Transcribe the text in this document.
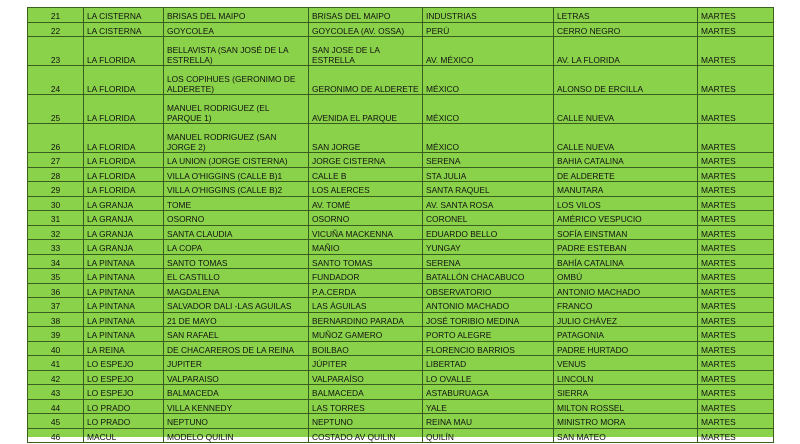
21	LA CISTERNA	BRISAS DEL MAIPO	BRISAS DEL MAIPO	INDUSTRIAS	LETRAS	MARTES
22	LA CISTERNA	GOYCOLEA	GOYCOLEA (AV. OSSA)	PERÚ	CERRO NEGRO	MARTES
23	LA FLORIDA	BELLAVISTA (SAN JOSÉ DE LA ESTRELLA)	SAN JOSE DE LA ESTRELLA	AV. MÉXICO	AV. LA FLORIDA	MARTES
24	LA FLORIDA	LOS COPIHUES (GERONIMO DE ALDERETE)	GERONIMO DE ALDERETE	MÉXICO	ALONSO DE ERCILLA	MARTES
25	LA FLORIDA	MANUEL RODRIGUEZ (EL PARQUE 1)	AVENIDA EL PARQUE	MÉXICO	CALLE NUEVA	MARTES
26	LA FLORIDA	MANUEL RODRIGUEZ (SAN JORGE 2)	SAN JORGE	MÉXICO	CALLE NUEVA	MARTES
27	LA FLORIDA	LA UNION (JORGE CISTERNA)	JORGE CISTERNA	SERENA	BAHIA CATALINA	MARTES
28	LA FLORIDA	VILLA O'HIGGINS (CALLE B)1	CALLE B	STA JULIA	DE ALDERETE	MARTES
29	LA FLORIDA	VILLA O'HIGGINS (CALLE B)2	LOS ALERCES	SANTA RAQUEL	MANUTARA	MARTES
30	LA GRANJA	TOME	AV. TOMÉ	AV. SANTA ROSA	LOS VILOS	MARTES
31	LA GRANJA	OSORNO	OSORNO	CORONEL	AMÉRICO VESPUCIO	MARTES
32	LA GRANJA	SANTA CLAUDIA	VICUÑA MACKENNA	EDUARDO BELLO	SOFÍA EINSTMAN	MARTES
33	LA GRANJA	LA COPA	MAÑIO	YUNGAY	PADRE ESTEBAN	MARTES
34	LA PINTANA	SANTO TOMAS	SANTO TOMAS	SERENA	BAHÍA CATALINA	MARTES
35	LA PINTANA	EL CASTILLO	FUNDADOR	BATALLÓN CHACABUCO	OMBÚ	MARTES
36	LA PINTANA	MAGDALENA	P.A.CERDA	OBSERVATORIO	ANTONIO MACHADO	MARTES
37	LA PINTANA	SALVADOR DALI -LAS AGUILAS	LAS ÁGUILAS	ANTONIO MACHADO	FRANCO	MARTES
38	LA PINTANA	21 DE MAYO	BERNARDINO PARADA	JOSÉ TORIBIO MEDINA	JULIO CHÁVEZ	MARTES
39	LA PINTANA	SAN RAFAEL	MUÑOZ GAMERO	PORTO ALEGRE	PATAGONIA	MARTES
40	LA REINA	DE CHACAREROS DE LA REINA	BOILBAO	FLORENCIO BARRIOS	PADRE HURTADO	MARTES
41	LO ESPEJO	JUPITER	JÚPITER	LIBERTAD	VENUS	MARTES
42	LO ESPEJO	VALPARAISO	VALPARAÍSO	LO OVALLE	LINCOLN	MARTES
43	LO ESPEJO	BALMACEDA	BALMACEDA	ASTABURUAGA	SIERRA	MARTES
44	LO PRADO	VILLA KENNEDY	LAS TORRES	YALE	MILTON ROSSEL	MARTES
45	LO PRADO	NEPTUNO	NEPTUNO	REINA MAU	MINISTRO MORA	MARTES
46	MACUL	MODELO QUILIN	COSTADO AV QUILIN	QUILÍN	SAN MATEO	MARTES
